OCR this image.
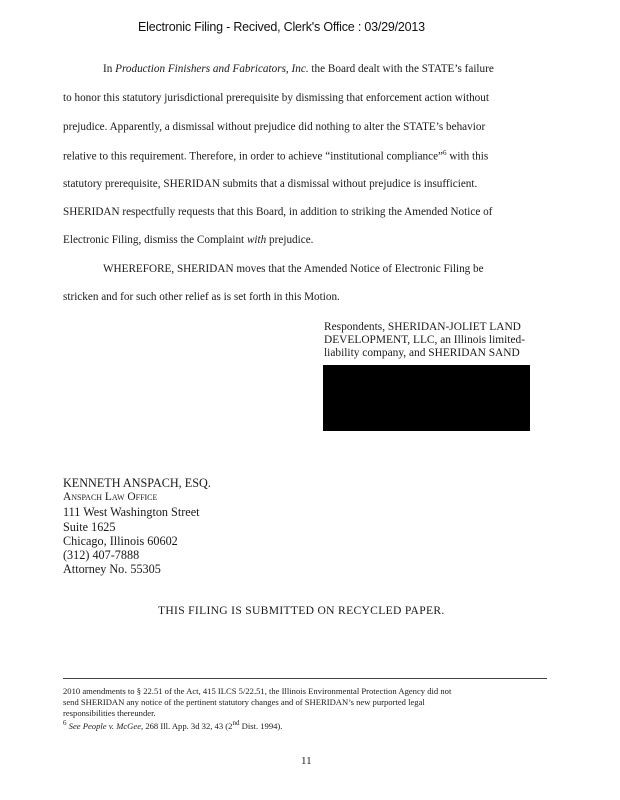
Electronic Filing - Recived, Clerk's Office : 03/29/2013
In Production Finishers and Fabricators, Inc. the Board dealt with the STATE’s failure
to honor this statutory jurisdictional prerequisite by dismissing that enforcement action without
prejudice. Apparently, a dismissal without prejudice did nothing to alter the STATE’s behavior
relative to this requirement. Therefore, in order to achieve “institutional compliance”$^6$ with this
statutory prerequisite, SHERIDAN submits that a dismissal without prejudice is insufficient.
SHERIDAN respectfully requests that this Board, in addition to striking the Amended Notice of
Electronic Filing, dismiss the Complaint with prejudice.
WHEREFORE, SHERIDAN moves that the Amended Notice of Electronic Filing be
stricken and for such other relief as is set forth in this Motion.
Respondents, SHERIDAN-JOLIET LAND
DEVELOPMENT, LLC, an Illinois limited-
liability company, and SHERIDAN SAND
KENNETH ANSPACH, ESQ.
Anspach Law Office
111 West Washington Street
Suite 1625
Chicago, Illinois 60602
(312) 407-7888
Attorney No. 55305
THIS FILING IS SUBMITTED ON RECYCLED PAPER.
2010 amendments to § 22.51 of the Act, 415 ILCS 5/22.51, the Illinois Environmental Protection Agency did not
send SHERIDAN any notice of the pertinent statutory changes and of SHERIDAN’s new purported legal
responsibilities thereunder.
$^6$ See People v. McGee, 268 Ill. App. 3d 32, 43 (2nd Dist. 1994).
11
